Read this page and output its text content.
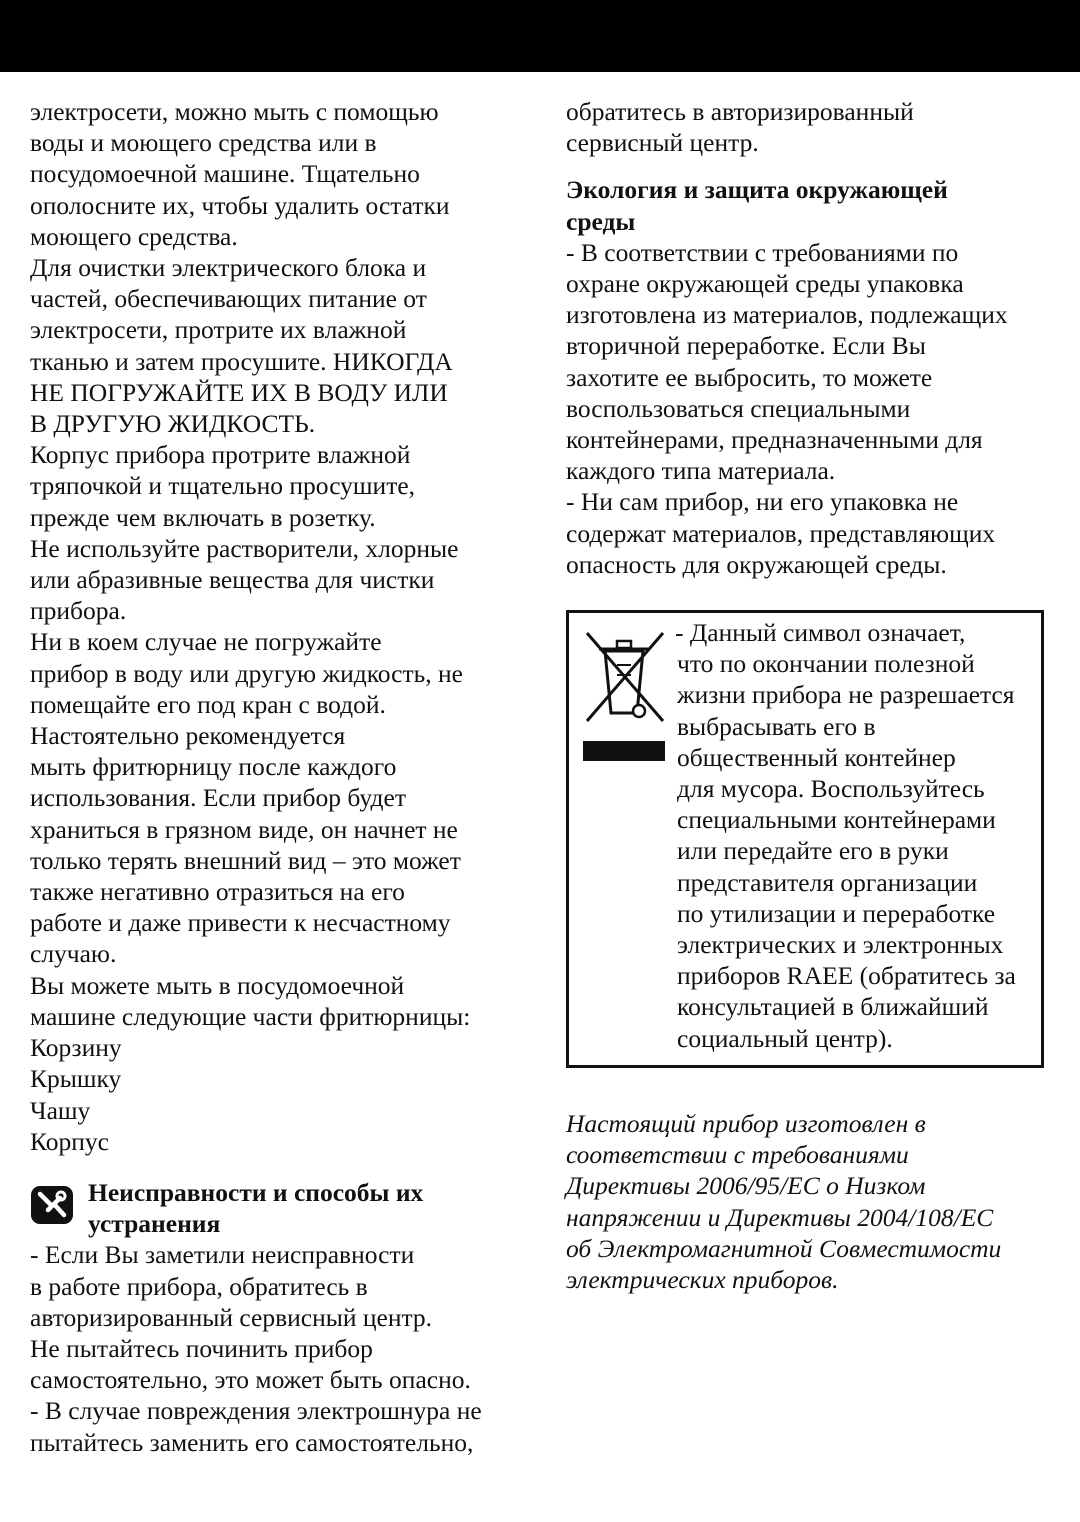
электросети, можно мыть с помощью
воды и моющего средства или в
посудомоечной машине. Тщательно
ополосните их, чтобы удалить остатки
моющего средства.
Для очистки электрического блока и
частей, обеспечивающих питание от
электросети, протрите их влажной
тканью и затем просушите. НИКОГДА
НЕ ПОГРУЖАЙТЕ ИХ В ВОДУ ИЛИ
В ДРУГУЮ ЖИДКОСТЬ.
Корпус прибора протрите влажной
тряпочкой и тщательно просушите,
прежде чем включать в розетку.
Не используйте растворители, хлорные
или абразивные вещества для чистки
прибора.
Ни в коем случае не погружайте
прибор в воду или другую жидкость, не
помещайте его под кран с водой.
Настоятельно рекомендуется
мыть фритюрницу после каждого
использования. Если прибор будет
храниться в грязном виде, он начнет не
только терять внешний вид – это может
также негативно отразиться на его
работе и даже привести к несчастному
случаю.
Вы можете мыть в посудомоечной
машине следующие части фритюрницы:
Корзину
Крышку
Чашу
Корпус
Неисправности и способы их
устранения
- Если Вы заметили неисправности
в работе прибора, обратитесь в
авторизированный сервисный центр.
Не пытайтесь починить прибор
самостоятельно, это может быть опасно.
- В случае повреждения электрошнура не
пытайтесь заменить его самостоятельно,
обратитесь в авторизированный
сервисный центр.
Экология и защита окружающей
среды
- В соответствии с требованиями по
охране окружающей среды упаковка
изготовлена из материалов, подлежащих
вторичной переработке. Если Вы
захотите ее выбросить, то можете
воспользоваться специальными
контейнерами, предназначенными для
каждого типа материала.
- Ни сам прибор, ни его упаковка не
содержат материалов, представляющих
опасность для окружающей среды.
- Данный символ означает,
что по окончании полезной
жизни прибора не разрешается
выбрасывать его в
общественный контейнер
для мусора. Воспользуйтесь
специальными контейнерами
или передайте его в руки
представителя организации
по утилизации и переработке
электрических и электронных
приборов RAEE (обратитесь за
консультацией в ближайший
социальный центр).
Настоящий прибор изготовлен в
соответствии с требованиями
Директивы 2006/95/ЕС о Низком
напряжении и Директивы 2004/108/ЕС
об Электромагнитной Совместимости
электрических приборов.
